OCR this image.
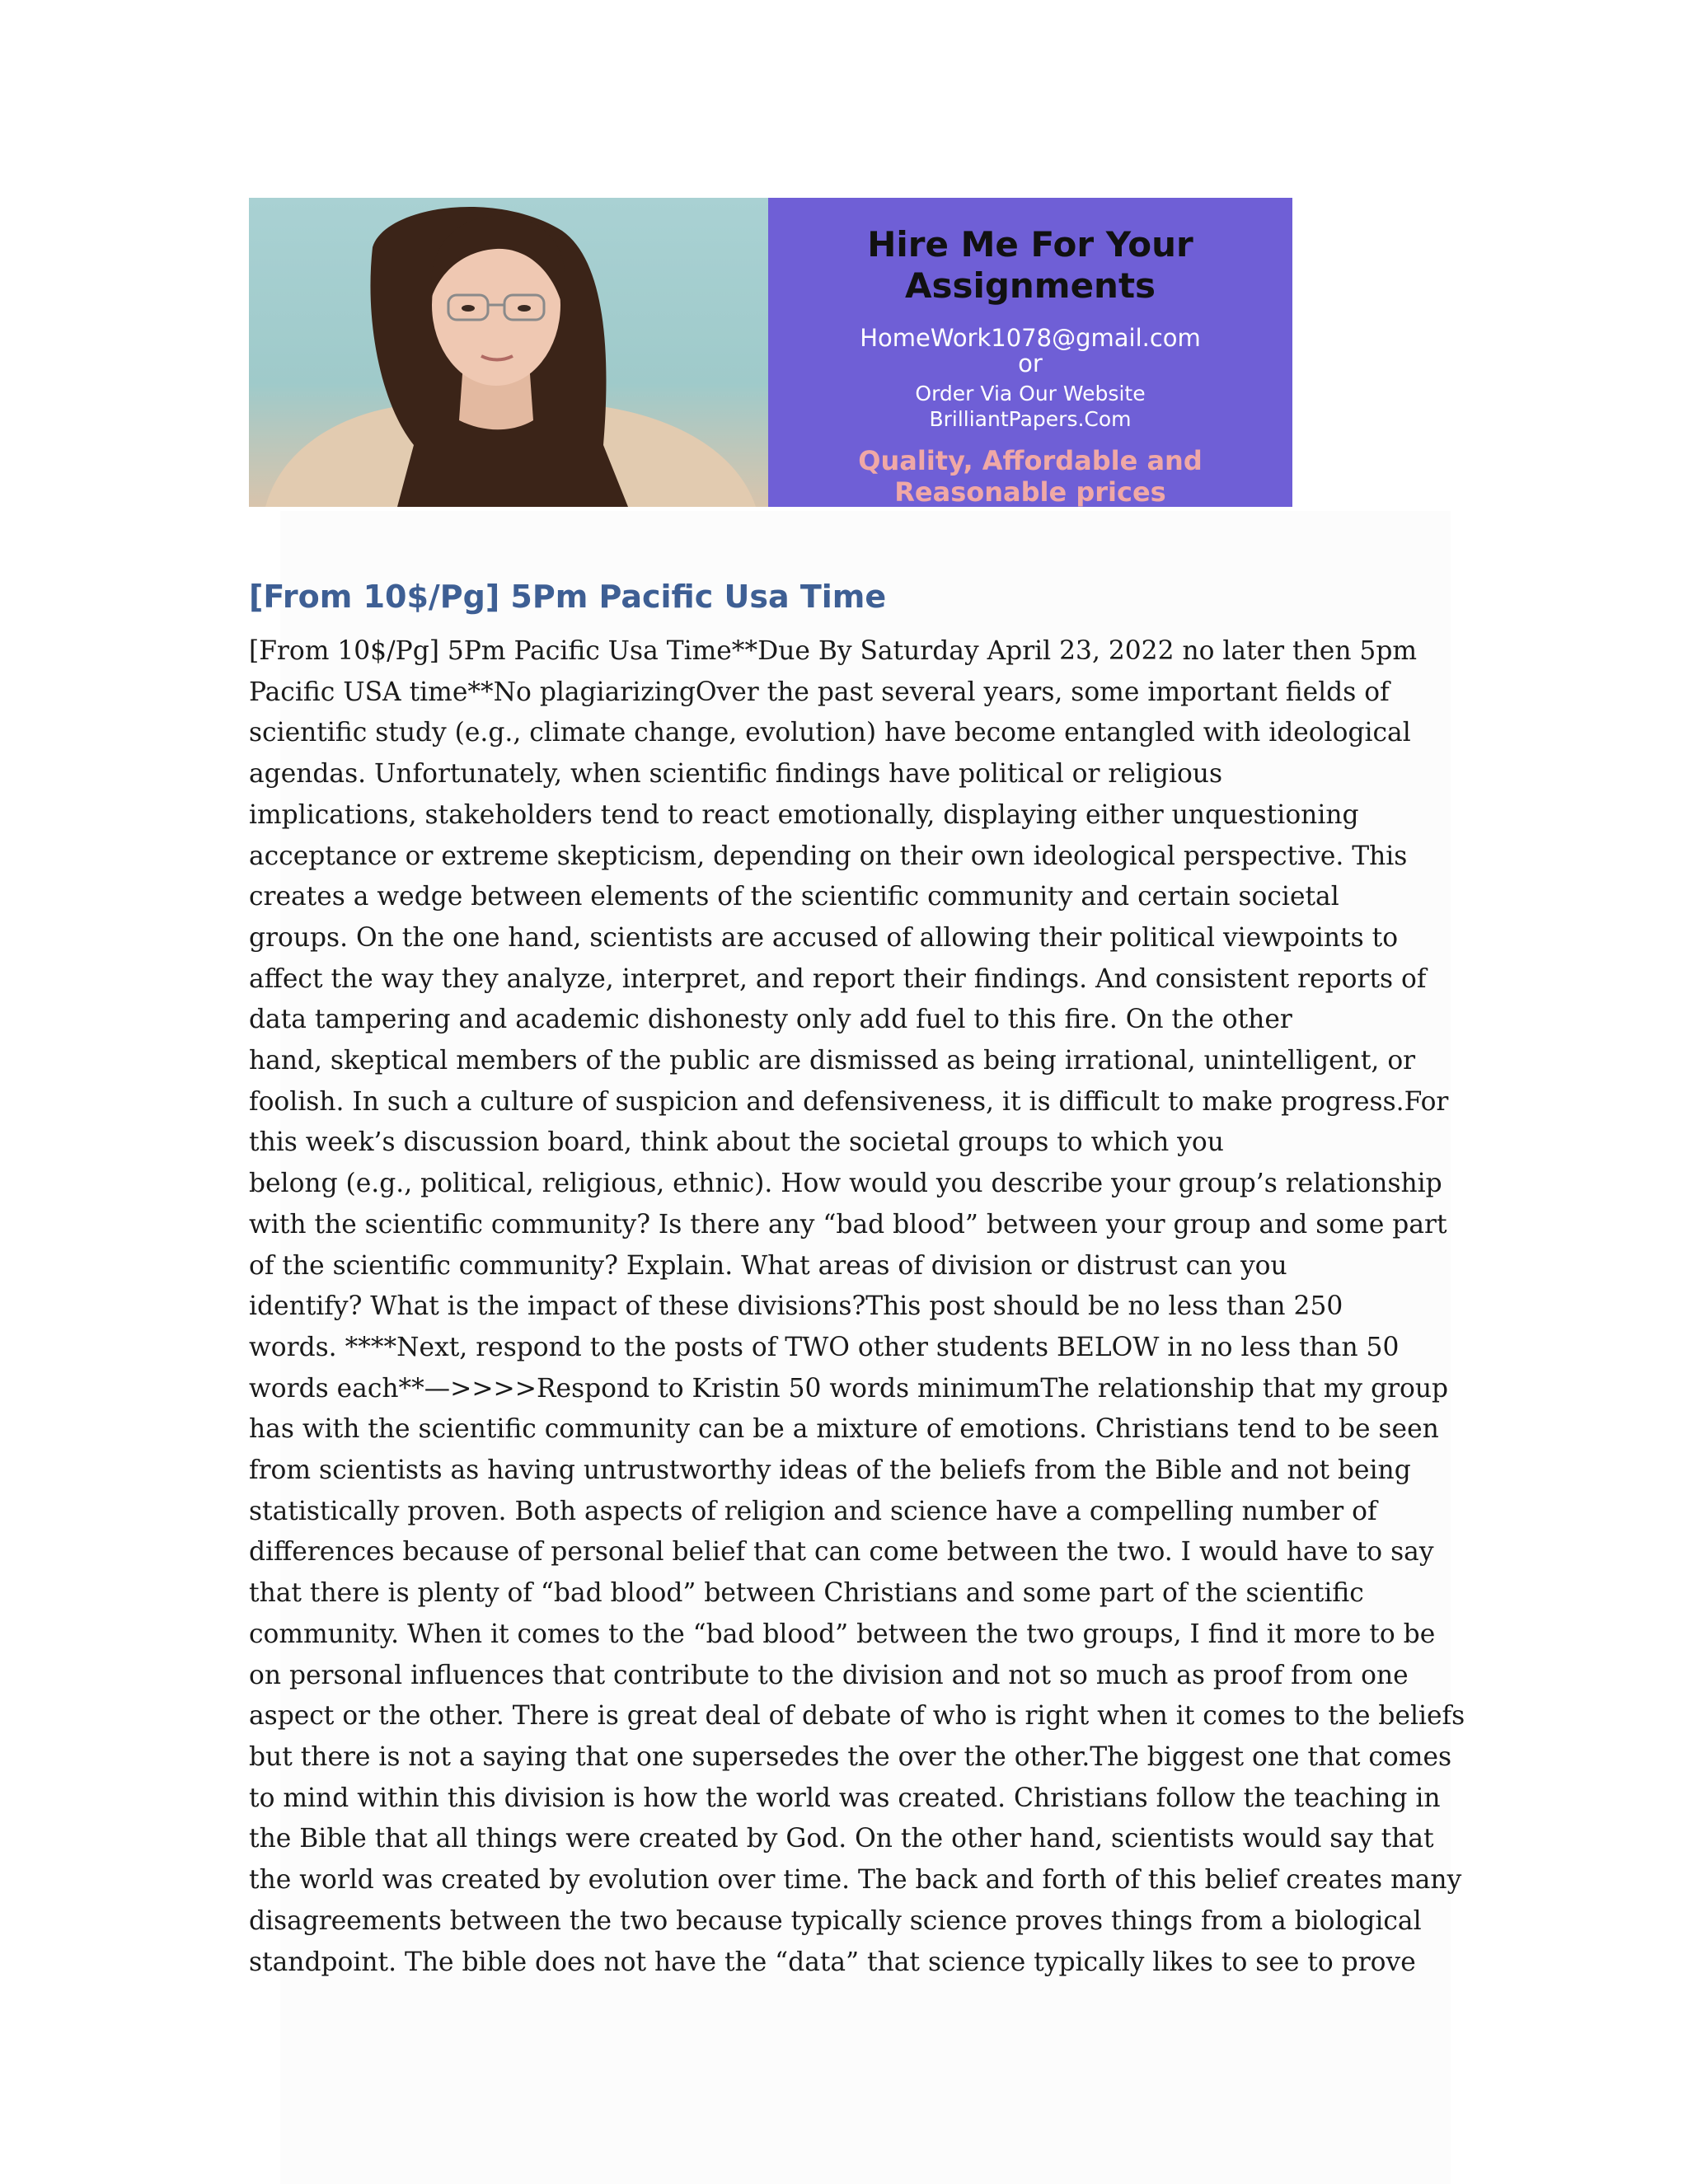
Hire Me For Your
Assignments
HomeWork1078@gmail.com
or
Order Via Our Website
BrilliantPapers.Com
Quality, Affordable and
Reasonable prices
[From 10$/Pg] 5Pm Pacific Usa Time
[From 10$/Pg] 5Pm Pacific Usa Time**Due By Saturday April 23, 2022 no later then 5pm
Pacific USA time**No plagiarizingOver the past several years, some important fields of
scientific study (e.g., climate change, evolution) have become entangled with ideological
agendas. Unfortunately, when scientific findings have political or religious
implications, stakeholders tend to react emotionally, displaying either unquestioning
acceptance or extreme skepticism, depending on their own ideological perspective. This
creates a wedge between elements of the scientific community and certain societal
groups. On the one hand, scientists are accused of allowing their political viewpoints to
affect the way they analyze, interpret, and report their findings. And consistent reports of
data tampering and academic dishonesty only add fuel to this fire. On the other
hand, skeptical members of the public are dismissed as being irrational, unintelligent, or
foolish. In such a culture of suspicion and defensiveness, it is difficult to make progress.For
this week’s discussion board, think about the societal groups to which you
belong (e.g., political, religious, ethnic). How would you describe your group’s relationship
with the scientific community? Is there any “bad blood” between your group and some part
of the scientific community? Explain. What areas of division or distrust can you
identify? What is the impact of these divisions?This post should be no less than 250
words. ****Next, respond to the posts of TWO other students BELOW in no less than 50
words each**—>>>>Respond to Kristin 50 words minimumThe relationship that my group
has with the scientific community can be a mixture of emotions. Christians tend to be seen
from scientists as having untrustworthy ideas of the beliefs from the Bible and not being
statistically proven. Both aspects of religion and science have a compelling number of
differences because of personal belief that can come between the two. I would have to say
that there is plenty of “bad blood” between Christians and some part of the scientific
community. When it comes to the “bad blood” between the two groups, I find it more to be
on personal influences that contribute to the division and not so much as proof from one
aspect or the other. There is great deal of debate of who is right when it comes to the beliefs
but there is not a saying that one supersedes the over the other.The biggest one that comes
to mind within this division is how the world was created. Christians follow the teaching in
the Bible that all things were created by God. On the other hand, scientists would say that
the world was created by evolution over time. The back and forth of this belief creates many
disagreements between the two because typically science proves things from a biological
standpoint. The bible does not have the “data” that science typically likes to see to prove
